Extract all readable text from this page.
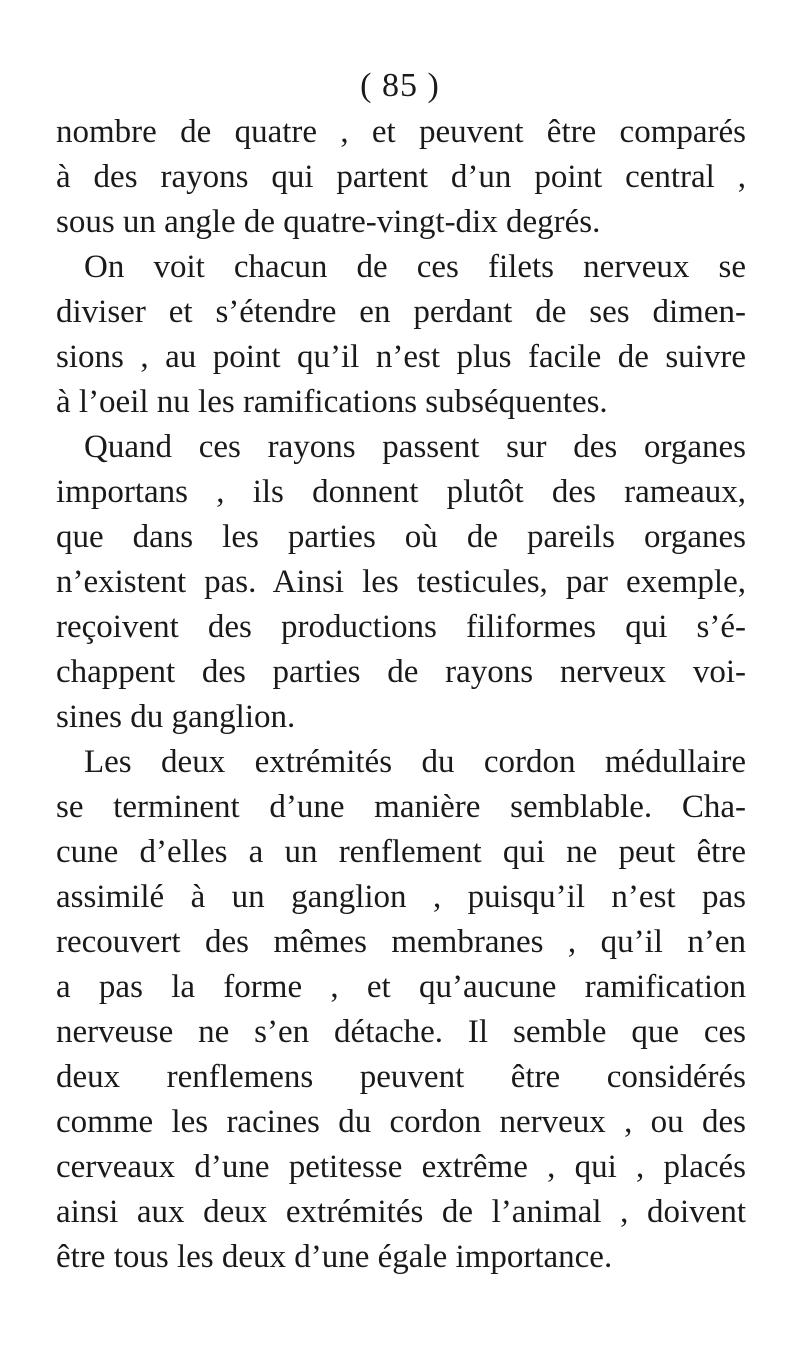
( 85 )
nombre de quatre , et peuvent être comparés
à des rayons qui partent d’un point central ,
sous un angle de quatre-vingt-dix degrés.
On voit chacun de ces filets nerveux se
diviser et s’étendre en perdant de ses dimen-
sions , au point qu’il n’est plus facile de suivre
à l’oeil nu les ramifications subséquentes.
Quand ces rayons passent sur des organes
importans , ils donnent plutôt des rameaux,
que dans les parties où de pareils organes
n’existent pas. Ainsi les testicules, par exemple,
reçoivent des productions filiformes qui s’é-
chappent des parties de rayons nerveux voi-
sines du ganglion.
Les deux extrémités du cordon médullaire
se terminent d’une manière semblable. Cha-
cune d’elles a un renflement qui ne peut être
assimilé à un ganglion , puisqu’il n’est pas
recouvert des mêmes membranes , qu’il n’en
a pas la forme , et qu’aucune ramification
nerveuse ne s’en détache. Il semble que ces
deux renflemens peuvent être considérés
comme les racines du cordon nerveux , ou des
cerveaux d’une petitesse extrême , qui , placés
ainsi aux deux extrémités de l’animal , doivent
être tous les deux d’une égale importance.
